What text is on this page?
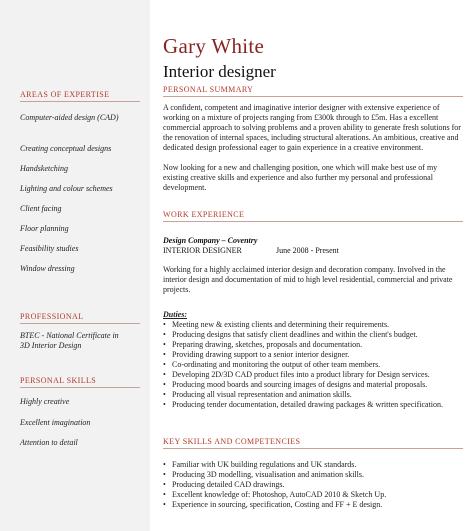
Gary White
Interior designer
AREAS OF EXPERTISE
Computer-aided design (CAD)
Creating conceptual designs
Handsketching
Lighting and colour schemes
Client facing
Floor planning
Feasibility studies
Window dressing
PROFESSIONAL
BTEC - National Certificate in 3D Interior Design
PERSONAL SKILLS
Highly creative
Excellent imagination
Attention to detail
PERSONAL SUMMARY
A confident, competent and imaginative interior designer with extensive experience of working on a mixture of projects ranging from £300k through to £5m. Has a excellent commercial approach to solving problems and a proven ability to generate fresh solutions for the renovation of internal spaces, including structural alterations. An ambitious, creative and dedicated design professional eager to gain experience in a creative environment.
Now looking for a new and challenging position, one which will make best use of my existing creative skills and experience and also further my personal and professional development.
WORK EXPERIENCE
Design Company – Coventry
INTERIOR DESIGNER	June 2008 - Present
Working for a highly acclaimed interior design and decoration company. Involved in the interior design and documentation of mid to high level residential, commercial and private projects.
Duties:
• Meeting new & existing clients and determining their requirements.
• Producing designs that satisfy client deadlines and within the client's budget.
• Preparing drawing, sketches, proposals and documentation.
• Providing drawing support to a senior interior designer.
• Co-ordinating and monitoring the output of other team members.
• Developing 2D/3D CAD product files into a product library for Design services.
• Producing mood boards and sourcing images of designs and material proposals.
• Producing all visual representation and animation skills.
• Producing tender documentation, detailed drawing packages & written specification.
KEY SKILLS AND COMPETENCIES
• Familiar with UK building regulations and UK standards.
• Producing 3D modelling, visualisation and animation skills.
• Producing detailed CAD drawings.
• Excellent knowledge of: Photoshop, AutoCAD 2010 & Sketch Up.
• Experience in sourcing, specification, Costing and FF + E design.
